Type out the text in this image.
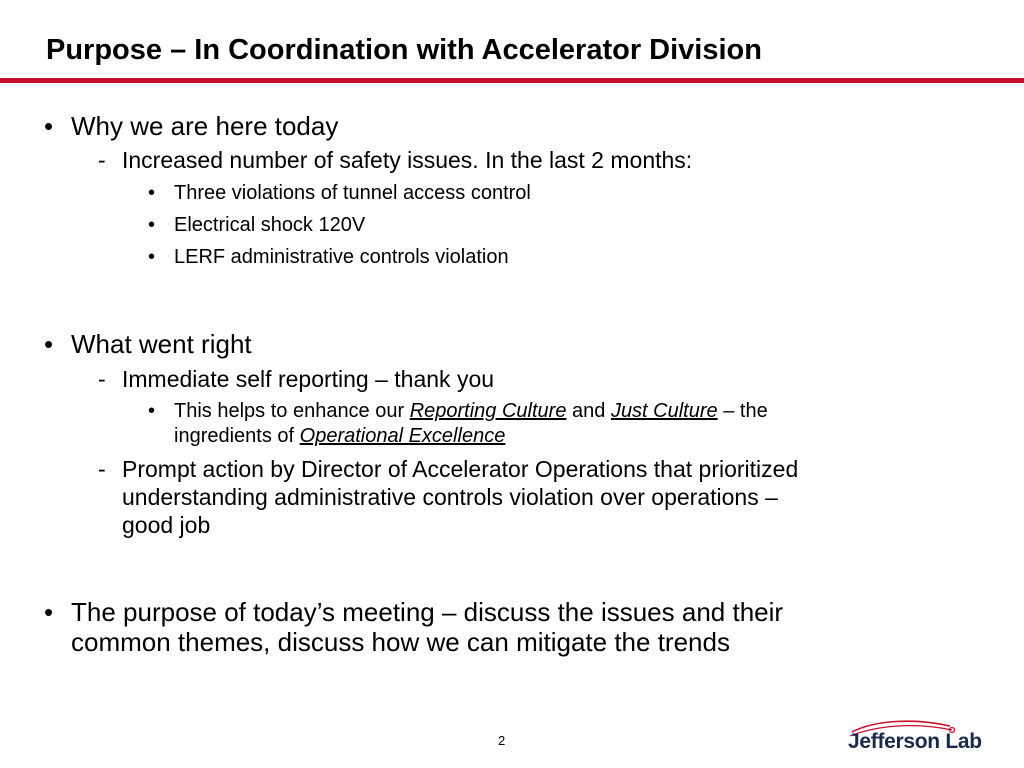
Purpose – In Coordination with Accelerator Division
• Why we are here today
- Increased number of safety issues. In the last 2 months:
• Three violations of tunnel access control
• Electrical shock 120V
• LERF administrative controls violation
• What went right
- Immediate self reporting – thank you
• This helps to enhance our Reporting Culture and Just Culture – the
ingredients of Operational Excellence
- Prompt action by Director of Accelerator Operations that prioritized
understanding administrative controls violation over operations –
good job
• The purpose of today’s meeting – discuss the issues and their
common themes, discuss how we can mitigate the trends
2	Jefferson Lab
